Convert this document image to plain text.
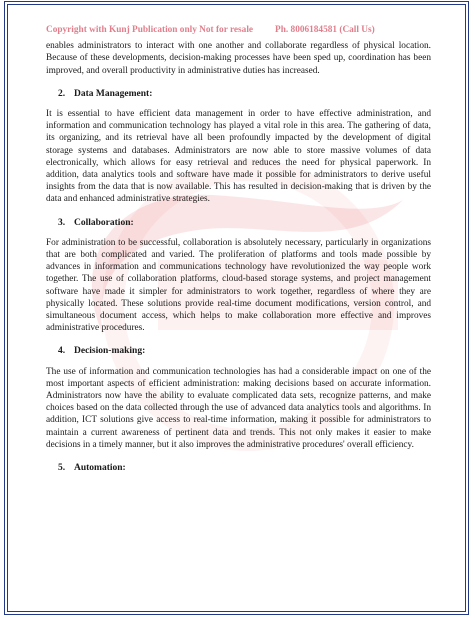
Copyright with Kunj Publication only Not for resale Ph. 8006184581 (Call Us)

enables administrators to interact with one another and collaborate regardless of physical location. Because of these developments, decision-making processes have been sped up, coordination has been improved, and overall productivity in administrative duties has increased.

2. Data Management:

It is essential to have efficient data management in order to have effective administration, and information and communication technology has played a vital role in this area. The gathering of data, its organizing, and its retrieval have all been profoundly impacted by the development of digital storage systems and databases. Administrators are now able to store massive volumes of data electronically, which allows for easy retrieval and reduces the need for physical paperwork. In addition, data analytics tools and software have made it possible for administrators to derive useful insights from the data that is now available. This has resulted in decision-making that is driven by the data and enhanced administrative strategies.

3. Collaboration:

For administration to be successful, collaboration is absolutely necessary, particularly in organizations that are both complicated and varied. The proliferation of platforms and tools made possible by advances in information and communications technology have revolutionized the way people work together. The use of collaboration platforms, cloud-based storage systems, and project management software have made it simpler for administrators to work together, regardless of where they are physically located. These solutions provide real-time document modifications, version control, and simultaneous document access, which helps to make collaboration more effective and improves administrative procedures.

4. Decision-making:

The use of information and communication technologies has had a considerable impact on one of the most important aspects of efficient administration: making decisions based on accurate information. Administrators now have the ability to evaluate complicated data sets, recognize patterns, and make choices based on the data collected through the use of advanced data analytics tools and algorithms. In addition, ICT solutions give access to real-time information, making it possible for administrators to maintain a current awareness of pertinent data and trends. This not only makes it easier to make decisions in a timely manner, but it also improves the administrative procedures' overall efficiency.

5. Automation:
